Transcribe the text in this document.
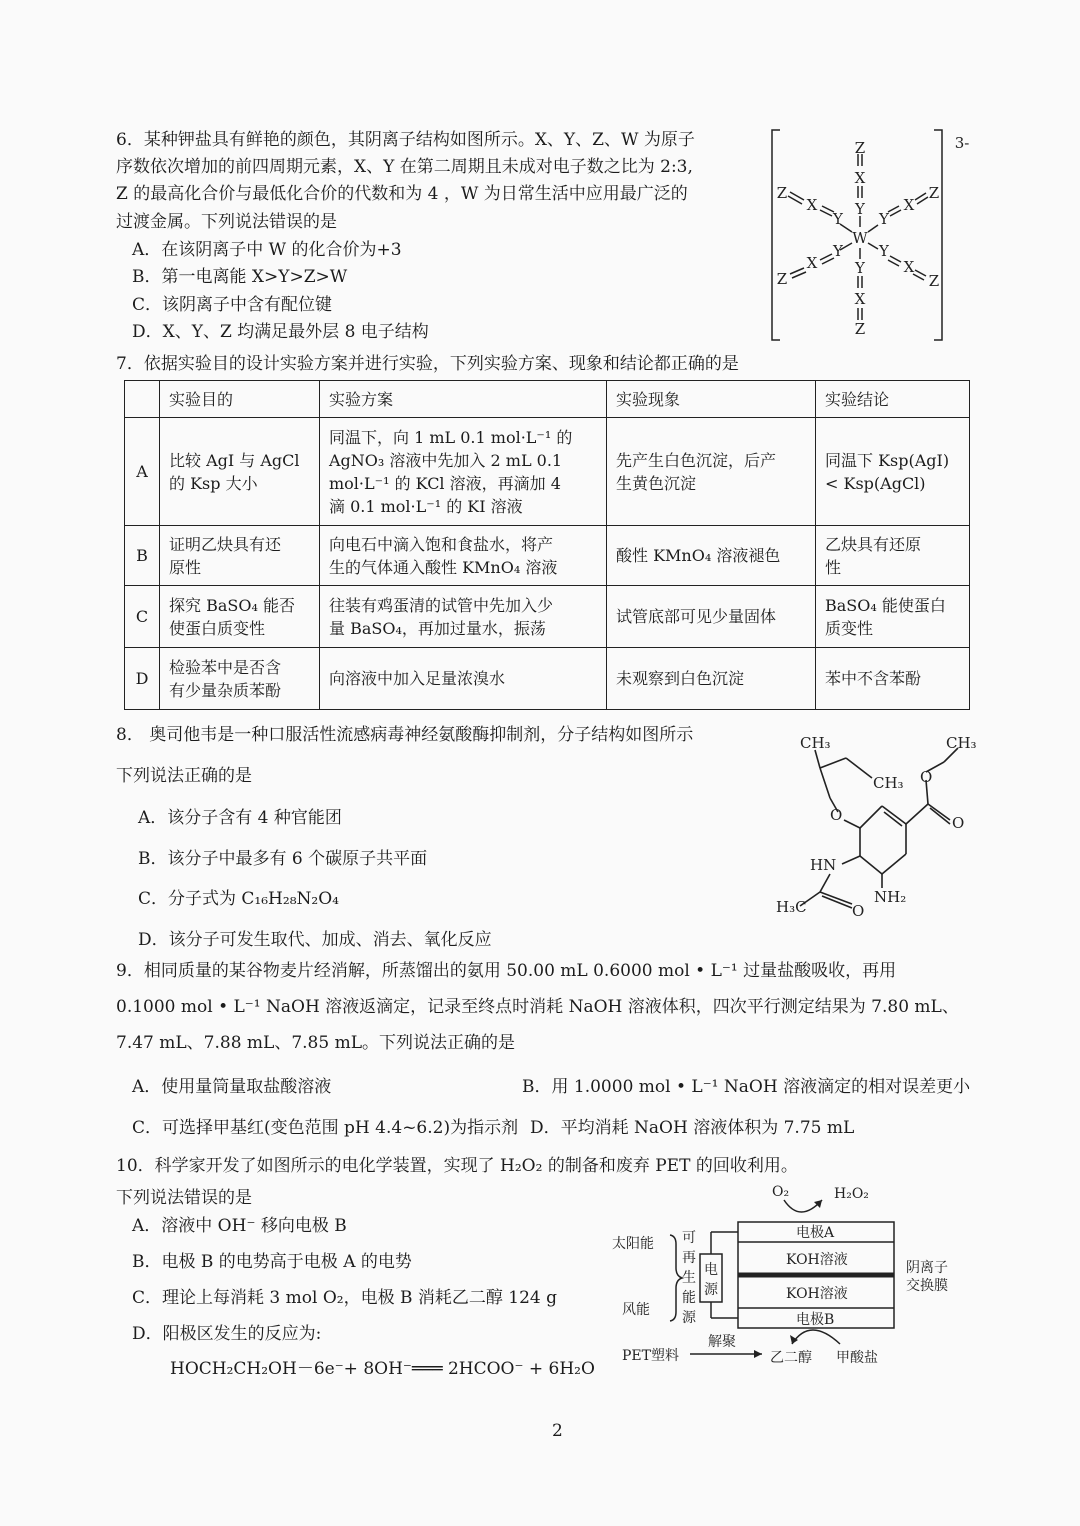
6．某种钾盐具有鲜艳的颜色，其阴离子结构如图所示。X、Y、Z、W 为原子
序数依次增加的前四周期元素，X、Y 在第二周期且未成对电子数之比为 2:3,
Z 的最高化合价与最低化合价的代数和为 4 ，W 为日常生活中应用最广泛的
过渡金属。下列说法错误的是
A．在该阴离子中 W 的化合价为+3
B．第一电离能 X>Y>Z>W
C．该阴离子中含有配位键
D．X、Y、Z 均满足最外层 8 电子结构
Z
X
Y
W
Y
X
Z
Z
X
Y Y
X
Z
Y
X
Z
Y
X
Z
3-
7．依据实验目的设计实验方案并进行实验，下列实验方案、现象和结论都正确的是
	实验目的	实验方案	实验现象	实验结论
A	比较 AgI 与 AgCl
的 Ksp 大小	同温下，向 1 mL 0.1 mol·L⁻¹ 的
AgNO₃ 溶液中先加入 2 mL 0.1
mol·L⁻¹ 的 KCl 溶液，再滴加 4
滴 0.1 mol·L⁻¹ 的 KI 溶液	先产生白色沉淀，后产
生黄色沉淀	同温下 Ksp(AgI)
< Ksp(AgCl)
B	证明乙炔具有还
原性	向电石中滴入饱和食盐水，将产
生的气体通入酸性 KMnO₄ 溶液	酸性 KMnO₄ 溶液褪色	乙炔具有还原
性
C	探究 BaSO₄ 能否
使蛋白质变性	往装有鸡蛋清的试管中先加入少
量 BaSO₄，再加过量水，振荡	试管底部可见少量固体	BaSO₄ 能使蛋白
质变性
D	检验苯中是否含
有少量杂质苯酚	向溶液中加入足量浓溴水	未观察到白色沉淀	苯中不含苯酚
8． 奥司他韦是一种口服活性流感病毒神经氨酸酶抑制剂，分子结构如图所示
下列说法正确的是
A．该分子含有 4 种官能团
B．该分子中最多有 6 个碳原子共平面
C．分子式为 C₁₆H₂₈N₂O₄
D．该分子可发生取代、加成、消去、氧化反应
CH₃
CH₃
CH₃
O
O
O
O
HN
NH₂
H₃C
9．相同质量的某谷物麦片经消解，所蒸馏出的氨用 50.00 mL 0.6000 mol • L⁻¹ 过量盐酸吸收，再用
0.1000 mol • L⁻¹ NaOH 溶液返滴定，记录至终点时消耗 NaOH 溶液体积，四次平行测定结果为 7.80 mL、
7.47 mL、7.88 mL、7.85 mL。下列说法正确的是
A．使用量筒量取盐酸溶液	B．用 1.0000 mol • L⁻¹ NaOH 溶液滴定的相对误差更小
C．可选择甲基红(变色范围 pH 4.4~6.2)为指示剂 D．平均消耗 NaOH 溶液体积为 7.75 mL
10．科学家开发了如图所示的电化学装置，实现了 H₂O₂ 的制备和废弃 PET 的回收利用。
下列说法错误的是
A．溶液中 OH⁻ 移向电极 B
B．电极 B 的电势高于电极 A 的电势
C．理论上每消耗 3 mol O₂，电极 B 消耗乙二醇 124 g
D．阳极区发生的反应为:
HOCH₂CH₂OH－6e⁻+ 8OH⁻═══ 2HCOO⁻ + 6H₂O
O₂	H₂O₂
电极A
KOH溶液
KOH溶液
电极B
太阳能
风能
可
再
生
能
源
电
源
阴离子
交换膜
PET塑料
解聚
乙二醇 甲酸盐
2
